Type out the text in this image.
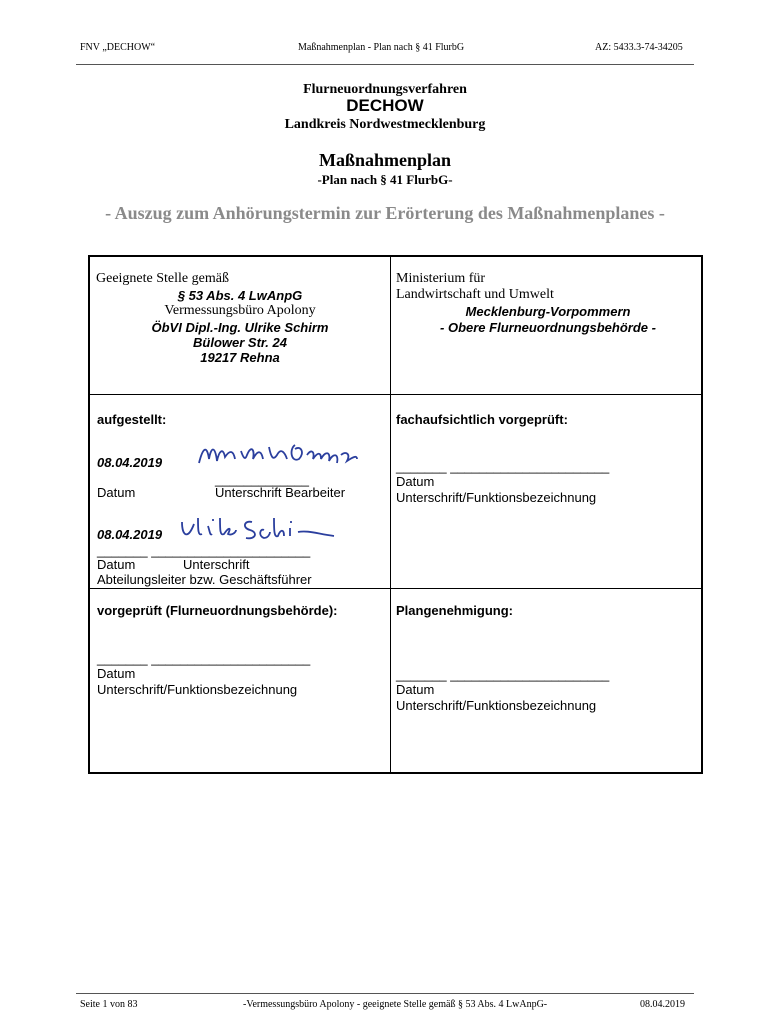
FNV „DECHOW“	Maßnahmenplan - Plan nach § 41 FlurbG	AZ: 5433.3-74-34205
Flurneuordnungsverfahren
DECHOW
Landkreis Nordwestmecklenburg
Maßnahmenplan
-Plan nach § 41 FlurbG-
- Auszug zum Anhörungstermin zur Erörterung des Maßnahmenplanes -
Geeignete Stelle gemäß
§ 53 Abs. 4 LwAnpG
Vermessungsbüro Apolony
ÖbVI Dipl.-Ing. Ulrike Schirm
Bülower Str. 24
19217 Rehna
Ministerium für
Landwirtschaft und Umwelt
Mecklenburg-Vorpommern
- Obere Flurneuordnungsbehörde -
aufgestellt:
08.04.2019
_____________
Datum	Unterschrift Bearbeiter
08.04.2019
_______ ______________________
Datum	Unterschrift
Abteilungsleiter bzw. Geschäftsführer
fachaufsichtlich vorgeprüft:
_______ ______________________
Datum
Unterschrift/Funktionsbezeichnung
vorgeprüft (Flurneuordnungsbehörde):
_______ ______________________
Datum
Unterschrift/Funktionsbezeichnung
Plangenehmigung:
_______ ______________________
Datum
Unterschrift/Funktionsbezeichnung
Seite 1 von 83	-Vermessungsbüro Apolony - geeignete Stelle gemäß § 53 Abs. 4 LwAnpG-	08.04.2019
